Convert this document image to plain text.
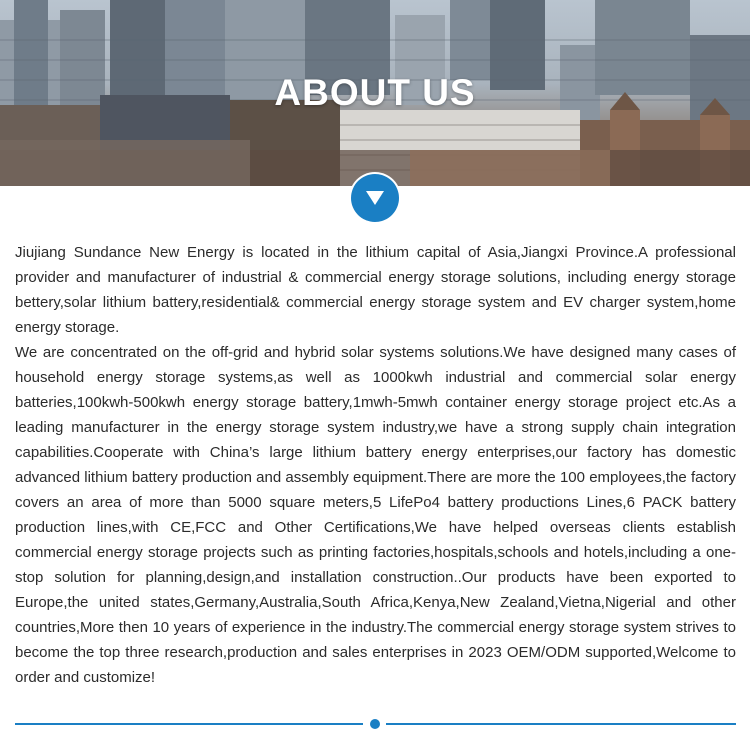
ABOUT US

Jiujiang Sundance New Energy is located in the lithium capital of Asia,Jiangxi Province.A professional provider and manufacturer of industrial & commercial energy storage solutions, including energy storage bettery,solar lithium battery,residential& commercial energy storage system and EV charger system,home energy storage.

We are concentrated on the off-grid and hybrid solar systems solutions.We have designed many cases of household energy storage systems,as well as 1000kwh industrial and commercial solar energy batteries,100kwh-500kwh energy storage battery,1mwh-5mwh container energy storage project etc.As a leading manufacturer in the energy storage system industry,we have a strong supply chain integration capabilities.Cooperate with China’s large lithium battery energy enterprises,our factory has domestic advanced lithium battery production and assembly equipment.There are more the 100 employees,the factory covers an area of more than 5000 square meters,5 LifePo4 battery productions Lines,6 PACK battery production lines,with CE,FCC and Other Certifications,We have helped overseas clients establish commercial energy storage projects such as printing factories,hospitals,schools and hotels,including a one-stop solution for planning,design,and installation construction..Our products have been exported to Europe,the united states,Germany,Australia,South Africa,Kenya,New Zealand,Vietna,Nigerial and other countries,More then 10 years of experience in the industry.The commercial energy storage system strives to become the top three research,production and sales enterprises in 2023 OEM/ODM supported,Welcome to order and customize!
